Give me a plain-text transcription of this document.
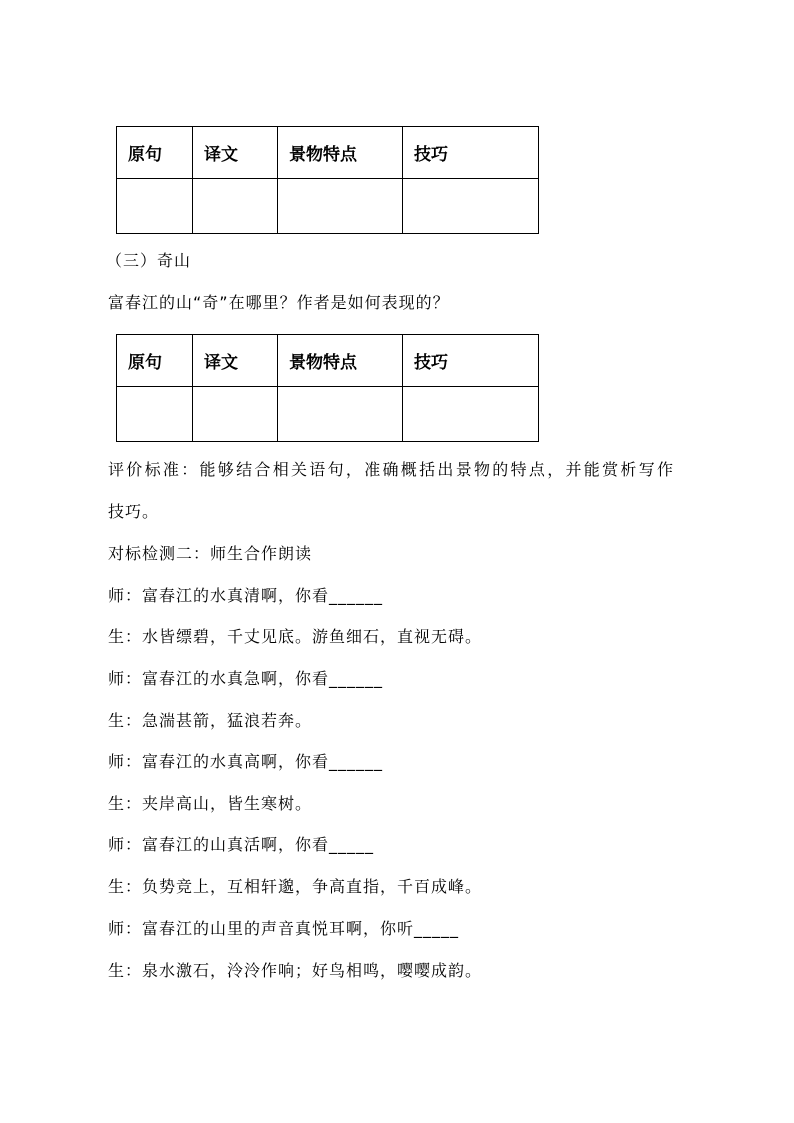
原句	译文	景物特点	技巧

（三）奇山
富春江的山“奇”在哪里？作者是如何表现的？
原句	译文	景物特点	技巧

评价标准：能够结合相关语句，准确概括出景物的特点，并能赏析写作
技巧。
对标检测二：师生合作朗读
师：富春江的水真清啊，你看______
生：水皆缥碧，千丈见底。游鱼细石，直视无碍。
师：富春江的水真急啊，你看______
生：急湍甚箭，猛浪若奔。
师：富春江的水真高啊，你看______
生：夹岸高山，皆生寒树。
师：富春江的山真活啊，你看_____
生：负势竞上，互相轩邈，争高直指，千百成峰。
师：富春江的山里的声音真悦耳啊，你听_____
生：泉水激石，泠泠作响；好鸟相鸣，嘤嘤成韵。
